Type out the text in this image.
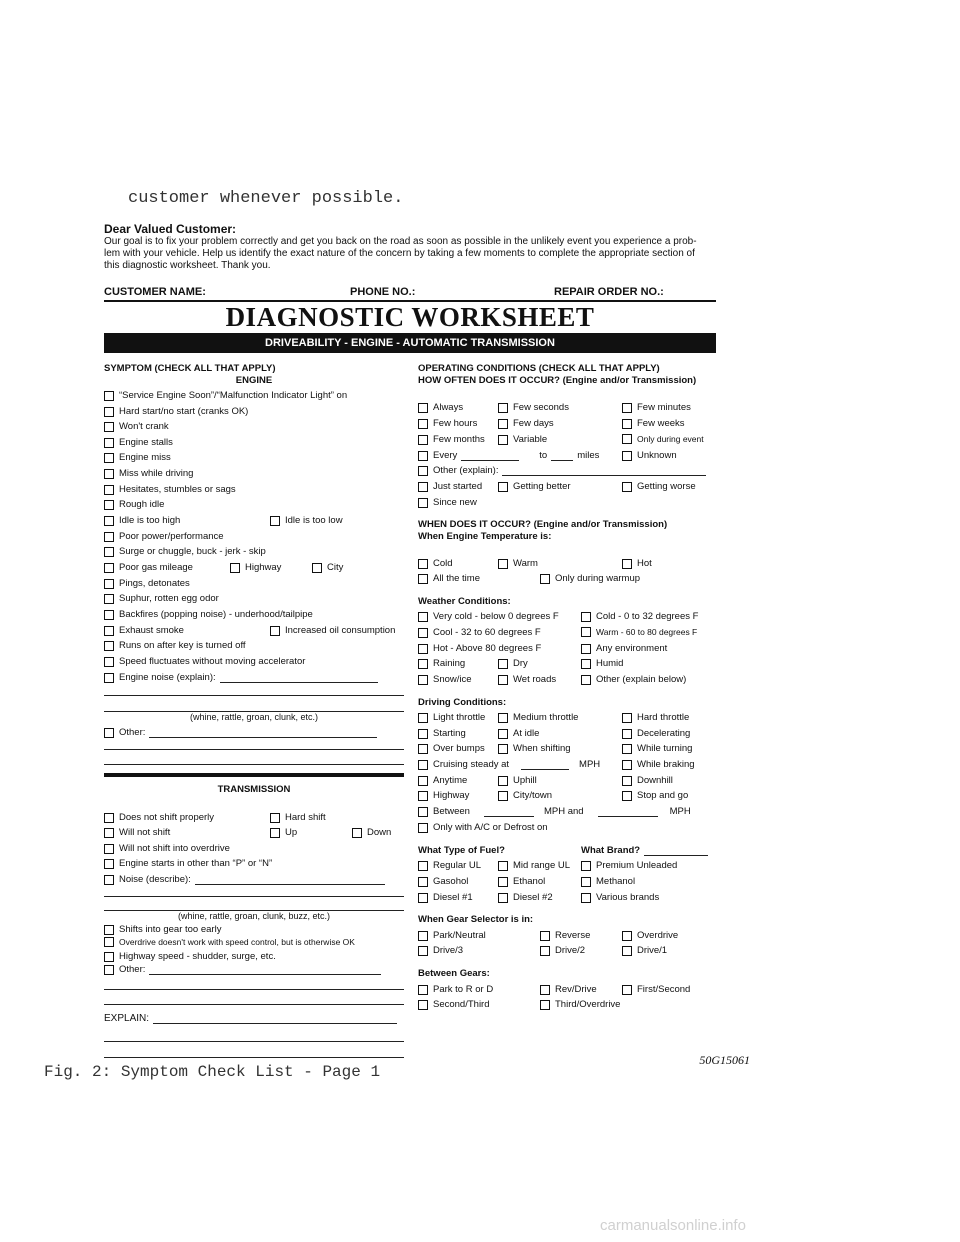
customer whenever possible.
Dear Valued Customer:
Our goal is to fix your problem correctly and get you back on the road as soon as possible in the unlikely event you experience a prob-
lem with your vehicle. Help us identify the exact nature of the concern by taking a few moments to complete the appropriate section of
this diagnostic worksheet. Thank you.
CUSTOMER NAME:	PHONE NO.:	REPAIR ORDER NO.:
DIAGNOSTIC WORKSHEET
DRIVEABILITY - ENGINE - AUTOMATIC TRANSMISSION
SYMPTOM (CHECK ALL THAT APPLY)
ENGINE
“Service Engine Soon”/“Malfunction Indicator Light” on
Hard start/no start (cranks OK)
Won't crank
Engine stalls
Engine miss
Miss while driving
Hesitates, stumbles or sags
Rough idle
Idle is too high	Idle is too low
Poor power/performance
Surge or chuggle, buck - jerk - skip
Poor gas mileage	Highway	City
Pings, detonates
Suphur, rotten egg odor
Backfires (popping noise) - underhood/tailpipe
Exhaust smoke	Increased oil consumption
Runs on after key is turned off
Speed fluctuates without moving accelerator
Engine noise (explain):
(whine, rattle, groan, clunk, etc.)
Other:
TRANSMISSION
Does not shift properly	Hard shift
Will not shift	Up	Down
Will not shift into overdrive
Engine starts in other than “P” or “N”
Noise (describe):
(whine, rattle, groan, clunk, buzz, etc.)
Shifts into gear too early
Overdrive doesn't work with speed control, but is otherwise OK
Highway speed - shudder, surge, etc.
Other:
EXPLAIN:
OPERATING CONDITIONS (CHECK ALL THAT APPLY)
HOW OFTEN DOES IT OCCUR? (Engine and/or Transmission)
Always	Few seconds	Few minutes
Few hours	Few days	Few weeks
Few months	Variable	Only during event
Every	to	miles	Unknown
Other (explain):
Just started	Getting better	Getting worse
Since new
WHEN DOES IT OCCUR? (Engine and/or Transmission)
When Engine Temperature is:
Cold	Warm	Hot
All the time	Only during warmup
Weather Conditions:
Very cold - below 0 degrees F	Cold - 0 to 32 degrees F
Cool - 32 to 60 degrees F	Warm - 60 to 80 degrees F
Hot - Above 80 degrees F	Any environment
Raining	Dry	Humid
Snow/ice	Wet roads	Other (explain below)
Driving Conditions:
Light throttle	Medium throttle	Hard throttle
Starting	At idle	Decelerating
Over bumps	When shifting	While turning
Cruising steady at	MPH	While braking
Anytime	Uphill	Downhill
Highway	City/town	Stop and go
Between	MPH and	MPH
Only with A/C or Defrost on
What Type of Fuel?	What Brand?
Regular UL	Mid range UL	Premium Unleaded
Gasohol	Ethanol	Methanol
Diesel #1	Diesel #2	Various brands
When Gear Selector is in:
Park/Neutral	Reverse	Overdrive
Drive/3	Drive/2	Drive/1
Between Gears:
Park to R or D	Rev/Drive	First/Second
Second/Third	Third/Overdrive
50G15061
Fig. 2: Symptom Check List - Page 1
carmanualsonline.info
